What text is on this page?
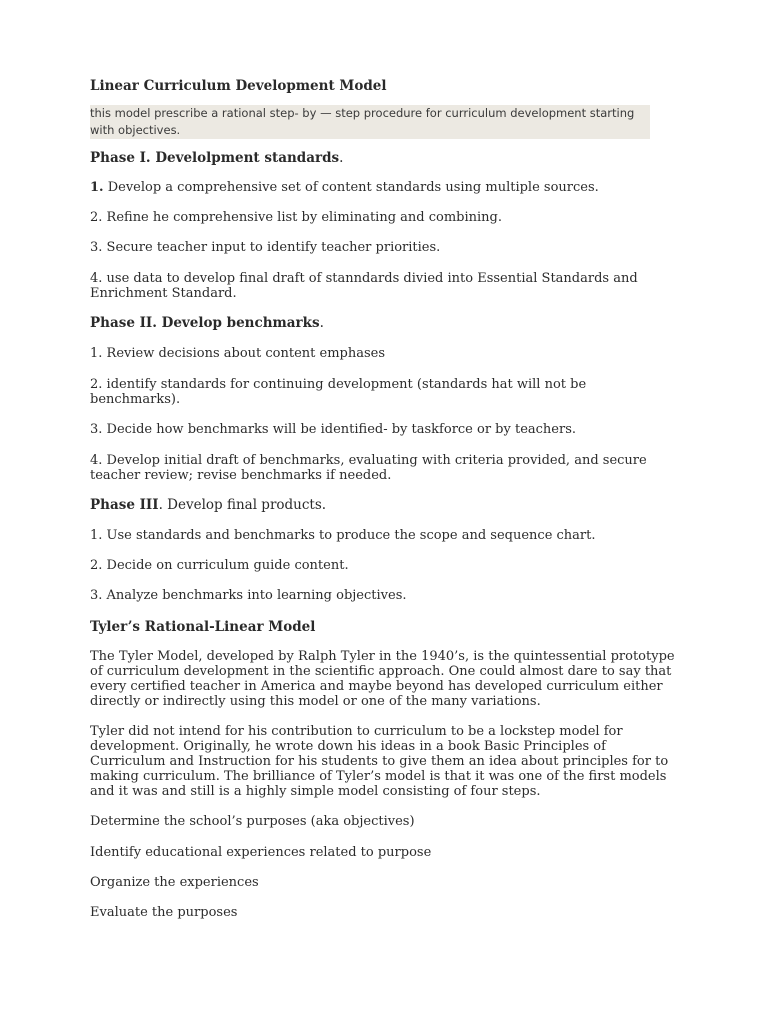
Linear Curriculum Development Model
this model prescribe a rational step- by — step procedure for curriculum development starting
with objectives.
Phase I. Develolpment standards.
1. Develop a comprehensive set of content standards using multiple sources.
2. Refine he comprehensive list by eliminating and combining.
3. Secure teacher input to identify teacher priorities.
4. use data to develop final draft of stanndards divied into Essential Standards and
Enrichment Standard.
Phase II. Develop benchmarks.
1. Review decisions about content emphases
2. identify standards for continuing development (standards hat will not be
benchmarks).
3. Decide how benchmarks will be identified- by taskforce or by teachers.
4. Develop initial draft of benchmarks, evaluating with criteria provided, and secure
teacher review; revise benchmarks if needed.
Phase III. Develop final products.
1. Use standards and benchmarks to produce the scope and sequence chart.
2. Decide on curriculum guide content.
3. Analyze benchmarks into learning objectives.
Tyler’s Rational-Linear Model
The Tyler Model, developed by Ralph Tyler in the 1940’s, is the quintessential prototype
of curriculum development in the scientific approach. One could almost dare to say that
every certified teacher in America and maybe beyond has developed curriculum either
directly or indirectly using this model or one of the many variations.
Tyler did not intend for his contribution to curriculum to be a lockstep model for
development. Originally, he wrote down his ideas in a book Basic Principles of
Curriculum and Instruction for his students to give them an idea about principles for to
making curriculum. The brilliance of Tyler’s model is that it was one of the first models
and it was and still is a highly simple model consisting of four steps.
Determine the school’s purposes (aka objectives)
Identify educational experiences related to purpose
Organize the experiences
Evaluate the purposes
